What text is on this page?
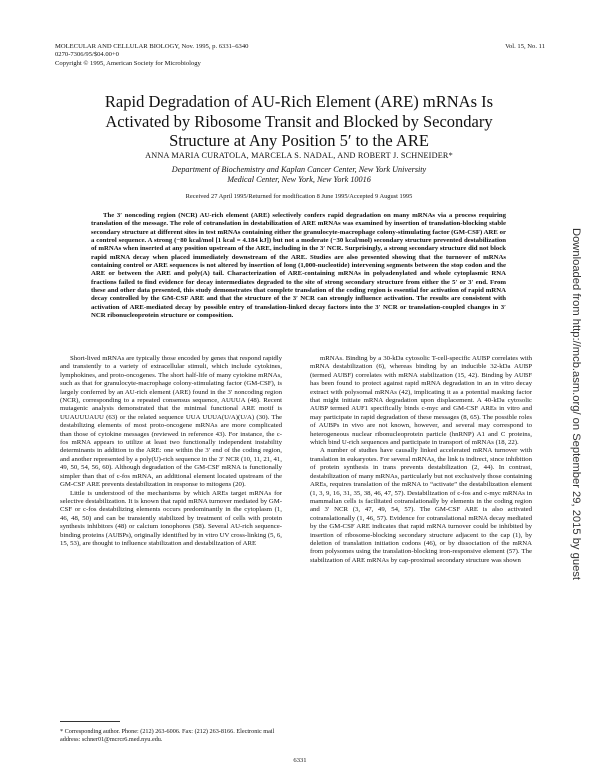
MOLECULAR AND CELLULAR BIOLOGY, Nov. 1995, p. 6331–6340
0270-7306/95/$04.00+0
Copyright © 1995, American Society for Microbiology
Vol. 15, No. 11
Rapid Degradation of AU-Rich Element (ARE) mRNAs Is
Activated by Ribosome Transit and Blocked by Secondary
Structure at Any Position 5′ to the ARE
ANNA MARIA CURATOLA, MARCELA S. NADAL, AND ROBERT J. SCHNEIDER*
Department of Biochemistry and Kaplan Cancer Center, New York University
Medical Center, New York, New York 10016
Received 27 April 1995/Returned for modification 8 June 1995/Accepted 9 August 1995
The 3′ noncoding region (NCR) AU-rich element (ARE) selectively confers rapid degradation on many mRNAs via a process requiring translation of the message. The role of cotranslation in destabilization of ARE mRNAs was examined by insertion of translation-blocking stable secondary structure at different sites in test mRNAs containing either the granulocyte-macrophage colony-stimulating factor (GM-CSF) ARE or a control sequence. A strong (−80 kcal/mol [1 kcal = 4.184 kJ]) but not a moderate (−30 kcal/mol) secondary structure prevented destabilization of mRNAs when inserted at any position upstream of the ARE, including in the 3′ NCR. Surprisingly, a strong secondary structure did not block rapid mRNA decay when placed immediately downstream of the ARE. Studies are also presented showing that the turnover of mRNAs containing control or ARE sequences is not altered by insertion of long (1,000-nucleotide) intervening segments between the stop codon and the ARE or between the ARE and poly(A) tail. Characterization of ARE-containing mRNAs in polyadenylated and whole cytoplasmic RNA fractions failed to find evidence for decay intermediates degraded to the site of strong secondary structure from either the 5′ or 3′ end. From these and other data presented, this study demonstrates that complete translation of the coding region is essential for activation of rapid mRNA decay controlled by the GM-CSF ARE and that the structure of the 3′ NCR can strongly influence activation. The results are consistent with activation of ARE-mediated decay by possible entry of translation-linked decay factors into the 3′ NCR or translation-coupled changes in 3′ NCR ribonucleoprotein structure or composition.

Short-lived mRNAs are typically those encoded by genes that respond rapidly and transiently to a variety of extracellular stimuli, which include cytokines, lymphokines, and proto-oncogenes. The short half-life of many cytokine mRNAs, such as that for granulocyte-macrophage colony-stimulating factor (GM-CSF), is largely conferred by an AU-rich element (ARE) found in the 3′ noncoding region (NCR), corresponding to a repeated consensus sequence, AUUUA (48). Recent mutagenic analysis demonstrated that the minimal functional ARE motif is UUAUUUAUU (63) or the related sequence UUA UUUA(U/A)(U/A) (30). The destabilizing elements of most proto-oncogene mRNAs are more complicated than those of cytokine messages (reviewed in reference 43). For instance, the c-fos mRNA appears to utilize at least two functionally independent instability determinants in addition to the ARE: one within the 3′ end of the coding region, and another represented by a poly(U)-rich sequence in the 3′ NCR (10, 11, 21, 41, 49, 50, 54, 56, 60). Although degradation of the GM-CSF mRNA is functionally simpler than that of c-fos mRNA, an additional element located upstream of the GM-CSF ARE prevents destabilization in response to mitogens (20).

Little is understood of the mechanisms by which AREs target mRNAs for selective destabilization. It is known that rapid mRNA turnover mediated by GM-CSF or c-fos destabilizing elements occurs predominantly in the cytoplasm (1, 46, 48, 50) and can be transiently stabilized by treatment of cells with protein synthesis inhibitors (48) or calcium ionophores (58). Several AU-rich sequence-binding proteins (AUBPs), originally identified by in vitro UV cross-linking (5, 6, 15, 53), are thought to influence stabilization and destabilization of ARE

mRNAs. Binding by a 30-kDa cytosolic T-cell-specific AUBP correlates with mRNA destabilization (6), whereas binding by an inducible 32-kDa AUBP (termed AUBF) correlates with mRNA stabilization (15, 42). Binding by AUBF has been found to protect against rapid mRNA degradation in an in vitro decay extract with polysomal mRNAs (42), implicating it as a potential masking factor that might initiate mRNA degradation upon displacement. A 40-kDa cytosolic AUBP termed AUF1 specifically binds c-myc and GM-CSF AREs in vitro and may participate in rapid degradation of these messages (8, 65). The possible roles of AUBPs in vivo are not known, however, and several may correspond to heterogeneous nuclear ribonucleoprotein particle (hnRNP) A1 and C proteins, which bind U-rich sequences and participate in transport of mRNAs (18, 22).

A number of studies have causally linked accelerated mRNA turnover with translation in eukaryotes. For several mRNAs, the link is indirect, since inhibition of protein synthesis in trans prevents destabilization (2, 44). In contrast, destabilization of many mRNAs, particularly but not exclusively those containing AREs, requires translation of the mRNA to “activate” the destabilization element (1, 3, 9, 16, 31, 35, 38, 46, 47, 57). Destabilization of c-fos and c-myc mRNAs in mammalian cells is facilitated cotranslationally by elements in the coding region and 3′ NCR (3, 47, 49, 54, 57). The GM-CSF ARE is also activated cotranslationally (1, 46, 57). Evidence for cotranslational mRNA decay mediated by the GM-CSF ARE indicates that rapid mRNA turnover could be inhibited by insertion of ribosome-blocking secondary structure adjacent to the cap (1), by deletion of translation initiation codons (46), or by dissociation of the mRNA from polysomes using the translation-blocking iron-responsive element (57). The stabilization of ARE mRNAs by cap-proximal secondary structure was shown

* Corresponding author. Phone: (212) 263-6006. Fax: (212) 263-8166. Electronic mail address: schner01@mcrcr6.med.nyu.edu.
6331
Downloaded from http://mcb.asm.org/ on September 29, 2015 by guest
